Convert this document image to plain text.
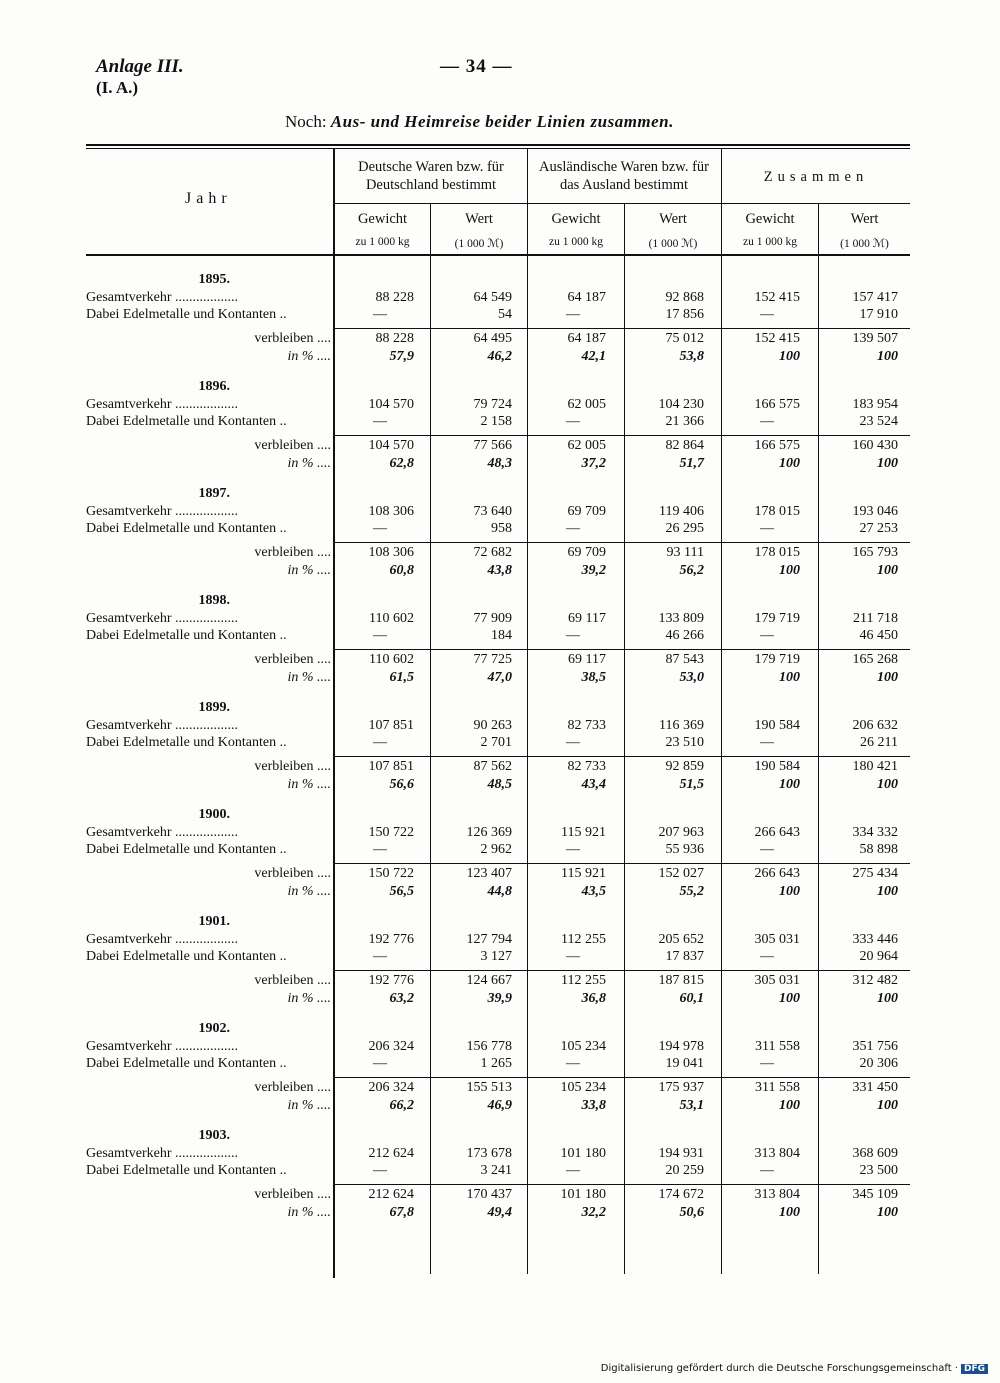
Anlage III.
(I. A.)
— 34 —
Noch: Aus- und Heimreise beider Linien zusammen.
Jahr
Deutsche Waren bzw. für Deutschland bestimmt
Ausländische Waren bzw. für das Ausland bestimmt	Zusammen
Gewicht
zu 1 000 kg
Wert
(1 000 ℳ)
Gewicht
zu 1 000 kg
Wert
(1 000 ℳ)
Gewicht
zu 1 000 kg
Wert
(1 000 ℳ)
1895.
Gesamtverkehr ..................	88 228	64 549	64 187	92 868	152 415	157 417
Dabei Edelmetalle und Kontanten ..	—	54	—	17 856	—	17 910
verbleiben ....	88 228	64 495	64 187	75 012	152 415	139 507
in % ....	57,9	46,2	42,1	53,8	100	100
1896.
Gesamtverkehr ..................	104 570	79 724	62 005	104 230	166 575	183 954
Dabei Edelmetalle und Kontanten ..	—	2 158	—	21 366	—	23 524
verbleiben ....	104 570	77 566	62 005	82 864	166 575	160 430
in % ....	62,8	48,3	37,2	51,7	100	100
1897.
Gesamtverkehr ..................	108 306	73 640	69 709	119 406	178 015	193 046
Dabei Edelmetalle und Kontanten ..	—	958	—	26 295	—	27 253
verbleiben ....	108 306	72 682	69 709	93 111	178 015	165 793
in % ....	60,8	43,8	39,2	56,2	100	100
1898.
Gesamtverkehr ..................	110 602	77 909	69 117	133 809	179 719	211 718
Dabei Edelmetalle und Kontanten ..	—	184	—	46 266	—	46 450
verbleiben ....	110 602	77 725	69 117	87 543	179 719	165 268
in % ....	61,5	47,0	38,5	53,0	100	100
1899.
Gesamtverkehr ..................	107 851	90 263	82 733	116 369	190 584	206 632
Dabei Edelmetalle und Kontanten ..	—	2 701	—	23 510	—	26 211
verbleiben ....	107 851	87 562	82 733	92 859	190 584	180 421
in % ....	56,6	48,5	43,4	51,5	100	100
1900.
Gesamtverkehr ..................	150 722	126 369	115 921	207 963	266 643	334 332
Dabei Edelmetalle und Kontanten ..	—	2 962	—	55 936	—	58 898
verbleiben ....	150 722	123 407	115 921	152 027	266 643	275 434
in % ....	56,5	44,8	43,5	55,2	100	100
1901.
Gesamtverkehr ..................	192 776	127 794	112 255	205 652	305 031	333 446
Dabei Edelmetalle und Kontanten ..	—	3 127	—	17 837	—	20 964
verbleiben ....	192 776	124 667	112 255	187 815	305 031	312 482
in % ....	63,2	39,9	36,8	60,1	100	100
1902.
Gesamtverkehr ..................	206 324	156 778	105 234	194 978	311 558	351 756
Dabei Edelmetalle und Kontanten ..	—	1 265	—	19 041	—	20 306
verbleiben ....	206 324	155 513	105 234	175 937	311 558	331 450
in % ....	66,2	46,9	33,8	53,1	100	100
1903.
Gesamtverkehr ..................	212 624	173 678	101 180	194 931	313 804	368 609
Dabei Edelmetalle und Kontanten ..	—	3 241	—	20 259	—	23 500
verbleiben ....	212 624	170 437	101 180	174 672	313 804	345 109
in % ....	67,8	49,4	32,2	50,6	100	100
Digitalisierung gefördert durch die Deutsche Forschungsgemeinschaft · DFG
